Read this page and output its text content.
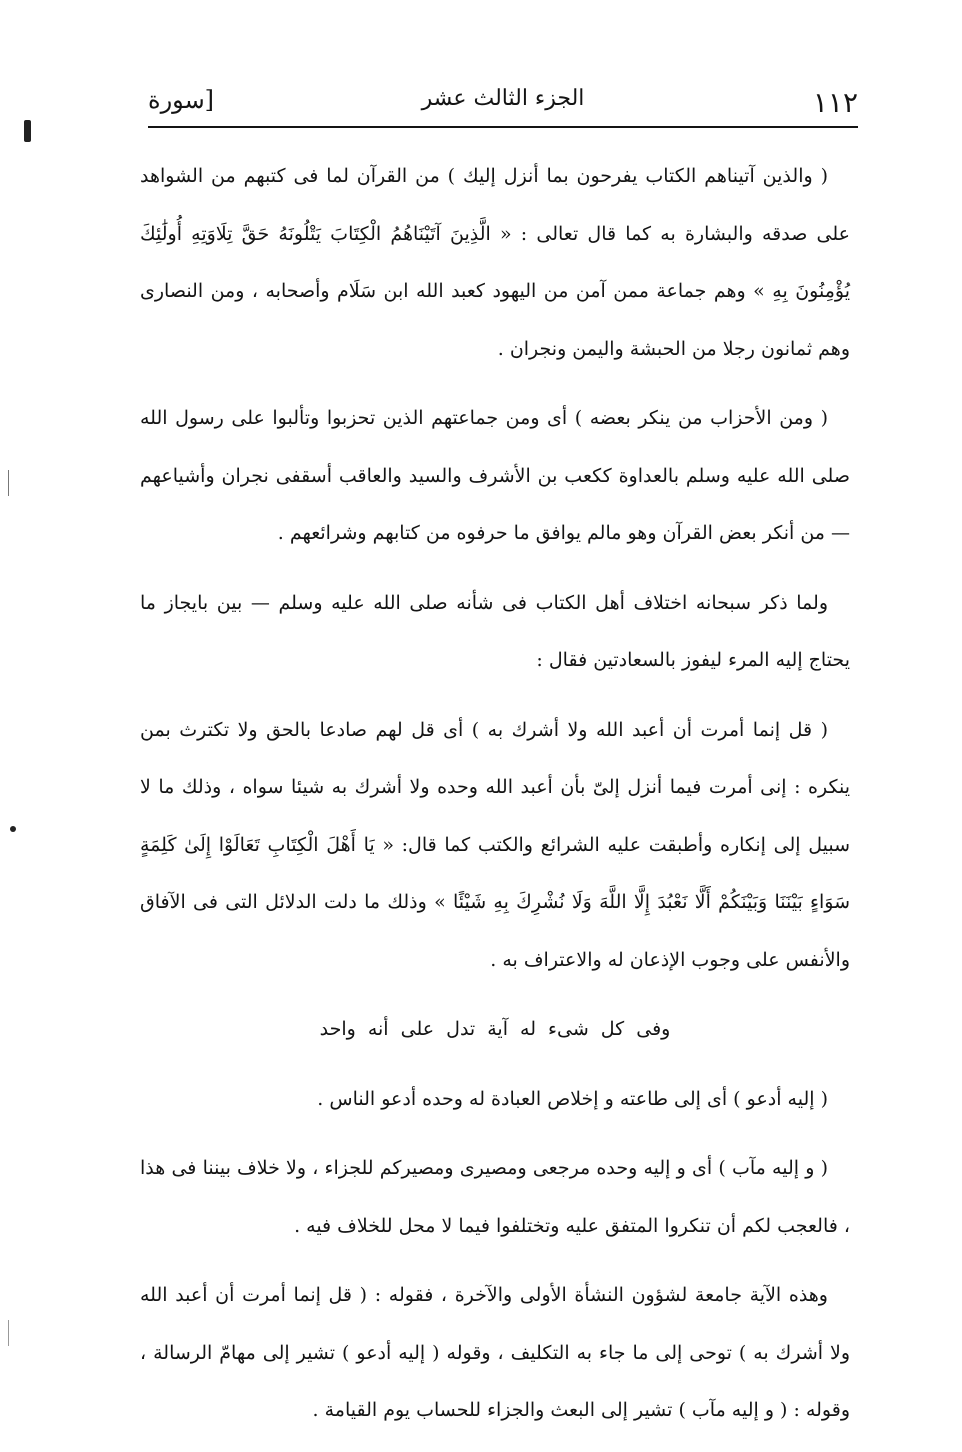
١١٢
الجزء الثالث عشر
[سورة

( والذين آتيناهم الكتاب يفرحون بما أنزل إليك ) من القرآن لما فى كتبهم من الشواهد على صدقه والبشارة به كما قال تعالى : « الَّذِينَ آتَيْنَاهُمُ الْكِتَابَ يَتْلُونَهُ حَقَّ تِلَاوَتِهِ أُولَٰئِكَ يُؤْمِنُونَ بِهِ » وهم جماعة ممن آمن من اليهود كعبد الله ابن سَلَام وأصحابه ، ومن النصارى وهم ثمانون رجلا من الحبشة واليمن ونجران .

( ومن الأحزاب من ينكر بعضه ) أى ومن جماعتهم الذين تحزبوا وتألبوا على رسول الله صلى الله عليه وسلم بالعداوة ككعب بن الأشرف والسيد والعاقب أسقفى نجران وأشياعهم — من أنكر بعض القرآن وهو مالم يوافق ما حرفوه من كتابهم وشرائعهم .

ولما ذكر سبحانه اختلاف أهل الكتاب فى شأنه صلى الله عليه وسلم — بين بايجاز ما يحتاج إليه المرء ليفوز بالسعادتين فقال :

( قل إنما أمرت أن أعبد الله ولا أشرك به ) أى قل لهم صادعا بالحق ولا تكترث بمن ينكره : إنى أمرت فيما أنزل إلىّ بأن أعبد الله وحده ولا أشرك به شيئا سواه ، وذلك ما لا سبيل إلى إنكاره وأطبقت عليه الشرائع والكتب كما قال: « يَا أَهْلَ الْكِتَابِ تَعَالَوْا إِلَىٰ كَلِمَةٍ سَوَاءٍ بَيْنَنَا وَبَيْنَكُمْ أَلَّا نَعْبُدَ إِلَّا اللَّهَ وَلَا نُشْرِكَ بِهِ شَيْئًا » وذلك ما دلت الدلائل التى فى الآفاق والأنفس على وجوب الإذعان له والاعتراف به .

وفى كل شىء له آية تدل على أنه واحد

( إليه أدعو ) أى إلى طاعته و إخلاص العبادة له وحده أدعو الناس .

( و إليه مآب ) أى و إليه وحده مرجعى ومصيرى ومصيركم للجزاء ، ولا خلاف بيننا فى هذا ، فالعجب لكم أن تنكروا المتفق عليه وتختلفوا فيما لا محل للخلاف فيه .

وهذه الآية جامعة لشؤون النشأة الأولى والآخرة ، فقوله : ( قل إنما أمرت أن أعبد الله ولا أشرك به ) توحى إلى ما جاء به التكليف ، وقوله ( إليه أدعو ) تشير إلى مهامّ الرسالة ، وقوله : ( و إليه مآب ) تشير إلى البعث والجزاء للحساب يوم القيامة .
